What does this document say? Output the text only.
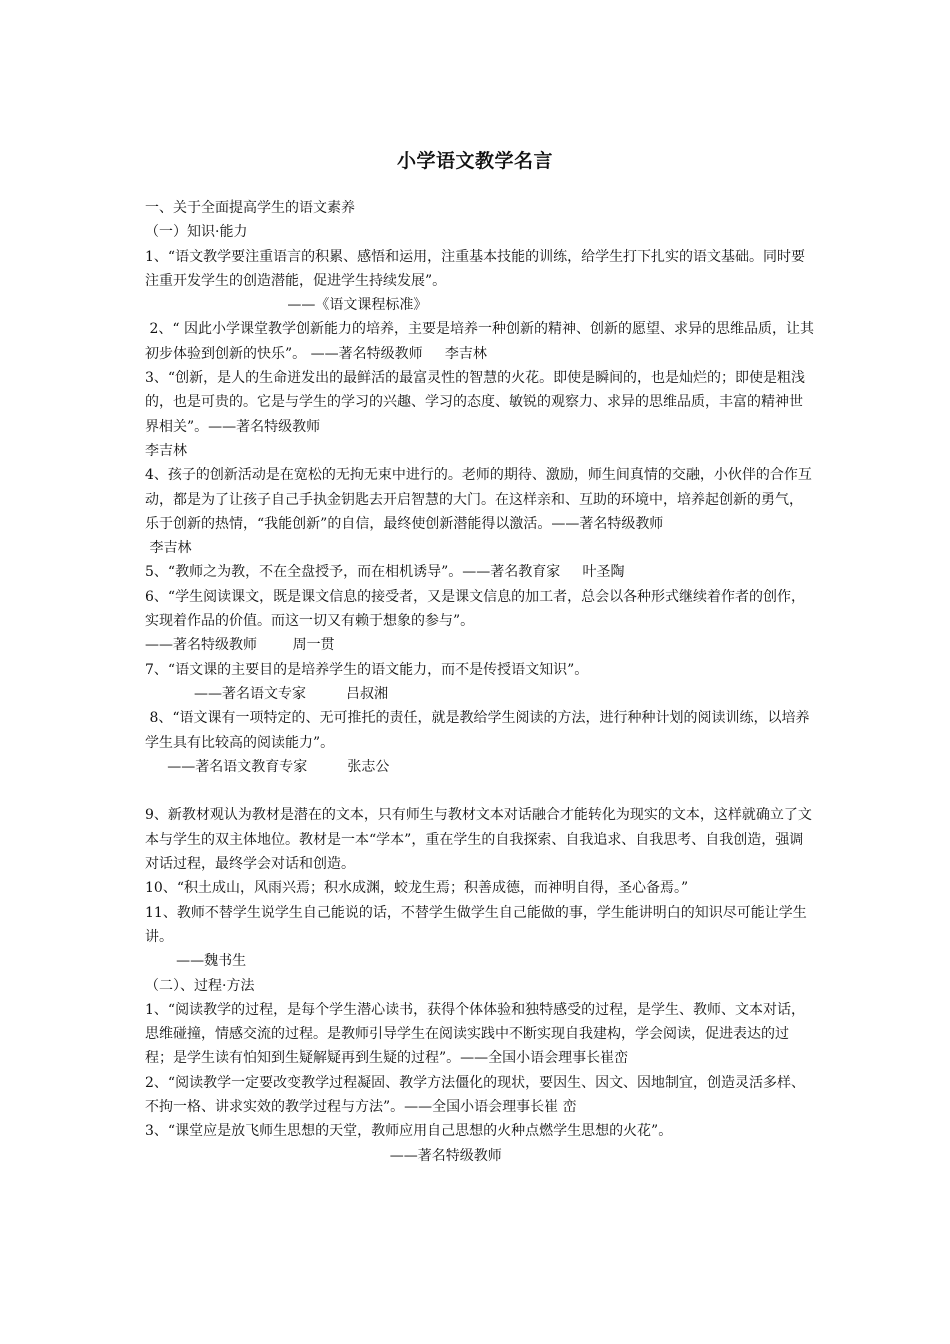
小学语文教学名言

一、关于全面提高学生的语文素养

（一）知识·能力

1、“语文教学要注重语言的积累、感悟和运用，注重基本技能的训练，给学生打下扎实的语文基础。同时要注重开发学生的创造潜能，促进学生持续发展”。

——《语文课程标准》

2、“ 因此小学课堂教学创新能力的培养，主要是培养一种创新的精神、创新的愿望、求异的思维品质，让其初步体验到创新的快乐”。 ——著名特级教师     李吉林

3、“创新，是人的生命迸发出的最鲜活的最富灵性的智慧的火花。即使是瞬间的，也是灿烂的；即使是粗浅的，也是可贵的。它是与学生的学习的兴趣、学习的态度、敏锐的观察力、求异的思维品质，丰富的精神世界相关”。——著名特级教师

李吉林

4、孩子的创新活动是在宽松的无拘无束中进行的。老师的期待、激励，师生间真情的交融，小伙伴的合作互动，都是为了让孩子自己手执金钥匙去开启智慧的大门。在这样亲和、互助的环境中，培养起创新的勇气，乐于创新的热情，“我能创新”的自信，最终使创新潜能得以激活。——著名特级教师

李吉林

5、“教师之为教，不在全盘授予，而在相机诱导”。——著名教育家     叶圣陶

6、“学生阅读课文，既是课文信息的接受者，又是课文信息的加工者，总会以各种形式继续着作者的创作，实现着作品的价值。而这一切又有赖于想象的参与”。

——著名特级教师        周一贯

7、“语文课的主要目的是培养学生的语文能力，而不是传授语文知识”。

——著名语文专家         吕叔湘

8、“语文课有一项特定的、无可推托的责任，就是教给学生阅读的方法，进行种种计划的阅读训练，以培养学生具有比较高的阅读能力”。

——著名语文教育专家         张志公

9、新教材观认为教材是潜在的文本，只有师生与教材文本对话融合才能转化为现实的文本，这样就确立了文本与学生的双主体地位。教材是一本“学本”，重在学生的自我探索、自我追求、自我思考、自我创造，强调对话过程，最终学会对话和创造。

10、“积土成山，风雨兴焉；积水成渊，蛟龙生焉；积善成德，而神明自得，圣心备焉。”

11、教师不替学生说学生自己能说的话，不替学生做学生自己能做的事，学生能讲明白的知识尽可能让学生讲。

——魏书生

（二）、过程·方法

1、“阅读教学的过程，是每个学生潜心读书，获得个体体验和独特感受的过程，是学生、教师、文本对话，思维碰撞，情感交流的过程。是教师引导学生在阅读实践中不断实现自我建构，学会阅读，促进表达的过程；是学生读有怕知到生疑解疑再到生疑的过程”。——全国小语会理事长崔峦

2、“阅读教学一定要改变教学过程凝固、教学方法僵化的现状，要因生、因文、因地制宜，创造灵活多样、不拘一格、讲求实效的教学过程与方法”。——全国小语会理事长崔 峦

3、“课堂应是放飞师生思想的天堂，教师应用自己思想的火种点燃学生思想的火花”。

——著名特级教师
